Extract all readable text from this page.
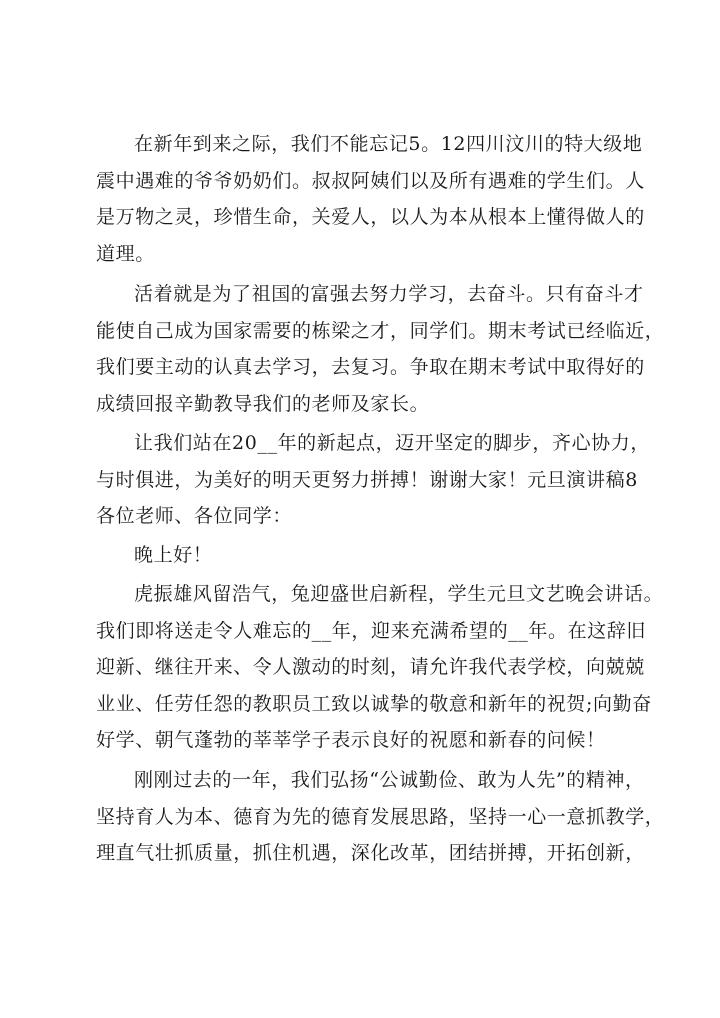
在新年到来之际，我们不能忘记5。12四川汶川的特大级地
震中遇难的爷爷奶奶们。叔叔阿姨们以及所有遇难的学生们。人
是万物之灵，珍惜生命，关爱人，以人为本从根本上懂得做人的
道理。
活着就是为了祖国的富强去努力学习，去奋斗。只有奋斗才
能使自己成为国家需要的栋梁之才，同学们。期末考试已经临近，
我们要主动的认真去学习，去复习。争取在期末考试中取得好的
成绩回报辛勤教导我们的老师及家长。
让我们站在20__年的新起点，迈开坚定的脚步，齐心协力，
与时俱进，为美好的明天更努力拼搏！谢谢大家！元旦演讲稿8
各位老师、各位同学：
晚上好！
虎振雄风留浩气，兔迎盛世启新程，学生元旦文艺晚会讲话。
我们即将送走令人难忘的__年，迎来充满希望的__年。在这辞旧
迎新、继往开来、令人激动的时刻，请允许我代表学校，向兢兢
业业、任劳任怨的教职员工致以诚挚的敬意和新年的祝贺;向勤奋
好学、朝气蓬勃的莘莘学子表示良好的祝愿和新春的问候！
刚刚过去的一年，我们弘扬“公诚勤俭、敢为人先”的精神，
坚持育人为本、德育为先的德育发展思路，坚持一心一意抓教学，
理直气壮抓质量，抓住机遇，深化改革，团结拼搏，开拓创新，
